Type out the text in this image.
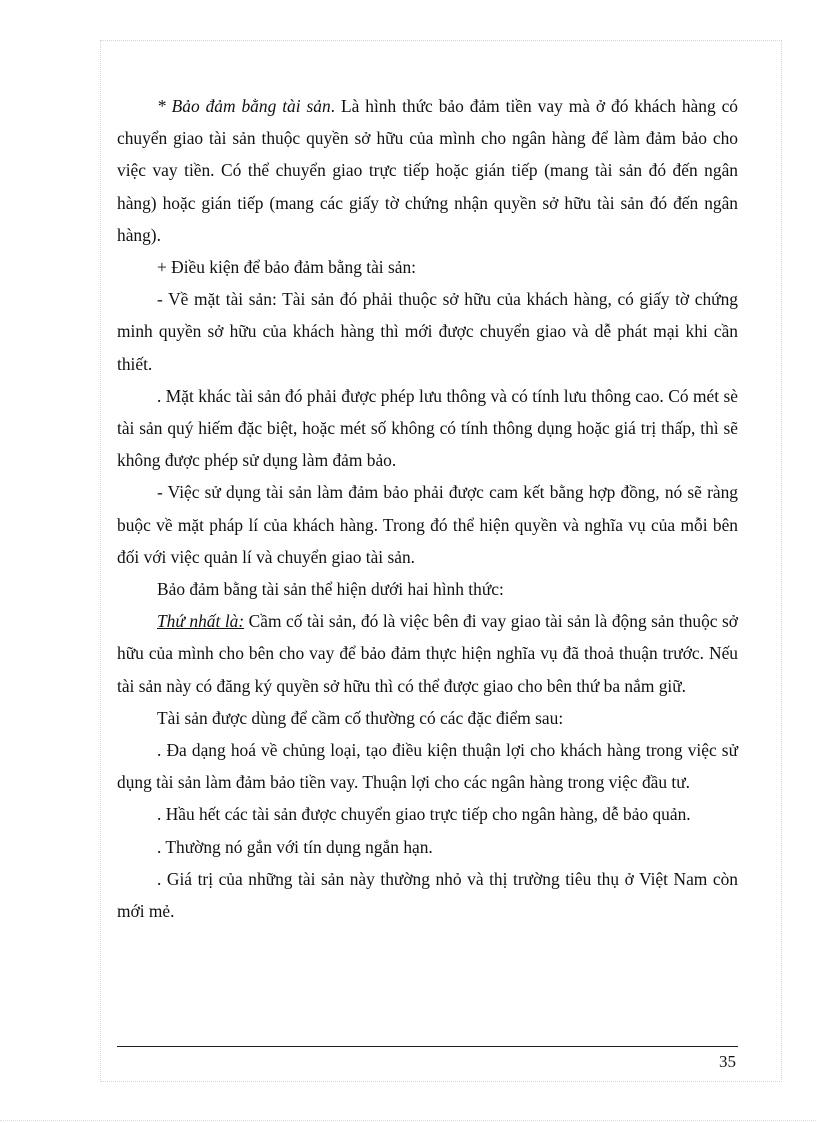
* Bảo đảm bằng tài sản. Là hình thức bảo đảm tiền vay mà ở đó khách hàng có chuyển giao tài sản thuộc quyền sở hữu của mình cho ngân hàng để làm đảm bảo cho việc vay tiền. Có thể chuyển giao trực tiếp hoặc gián tiếp (mang tài sản đó đến ngân hàng) hoặc gián tiếp (mang các giấy tờ chứng nhận quyền sở hữu tài sản đó đến ngân hàng).

+ Điều kiện để bảo đảm bằng tài sản:

- Về mặt tài sản: Tài sản đó phải thuộc sở hữu của khách hàng, có giấy tờ chứng minh quyền sở hữu của khách hàng thì mới được chuyển giao và dễ phát mại khi cần thiết.

. Mặt khác tài sản đó phải được phép lưu thông và có tính lưu thông cao. Có mét sè tài sản quý hiếm đặc biệt, hoặc mét số không có tính thông dụng hoặc giá trị thấp, thì sẽ không được phép sử dụng làm đảm bảo.

- Việc sử dụng tài sản làm đảm bảo phải được cam kết bằng hợp đồng, nó sẽ ràng buộc về mặt pháp lí của khách hàng. Trong đó thể hiện quyền và nghĩa vụ của mỗi bên đối với việc quản lí và chuyển giao tài sản.

Bảo đảm bằng tài sản thể hiện dưới hai hình thức:

Thứ nhất là: Cầm cố tài sản, đó là việc bên đi vay giao tài sản là động sản thuộc sở hữu của mình cho bên cho vay để bảo đảm thực hiện nghĩa vụ đã thoả thuận trước. Nếu tài sản này có đăng ký quyền sở hữu thì có thể được giao cho bên thứ ba nắm giữ.

Tài sản được dùng để cầm cố thường có các đặc điểm sau:

. Đa dạng hoá về chủng loại, tạo điều kiện thuận lợi cho khách hàng trong việc sử dụng tài sản làm đảm bảo tiền vay. Thuận lợi cho các ngân hàng trong việc đầu tư.

. Hầu hết các tài sản được chuyển giao trực tiếp cho ngân hàng, dễ bảo quản.

. Thường nó gắn với tín dụng ngắn hạn.

. Giá trị của những tài sản này thường nhỏ và thị trường tiêu thụ ở Việt Nam còn mới mẻ.

35
